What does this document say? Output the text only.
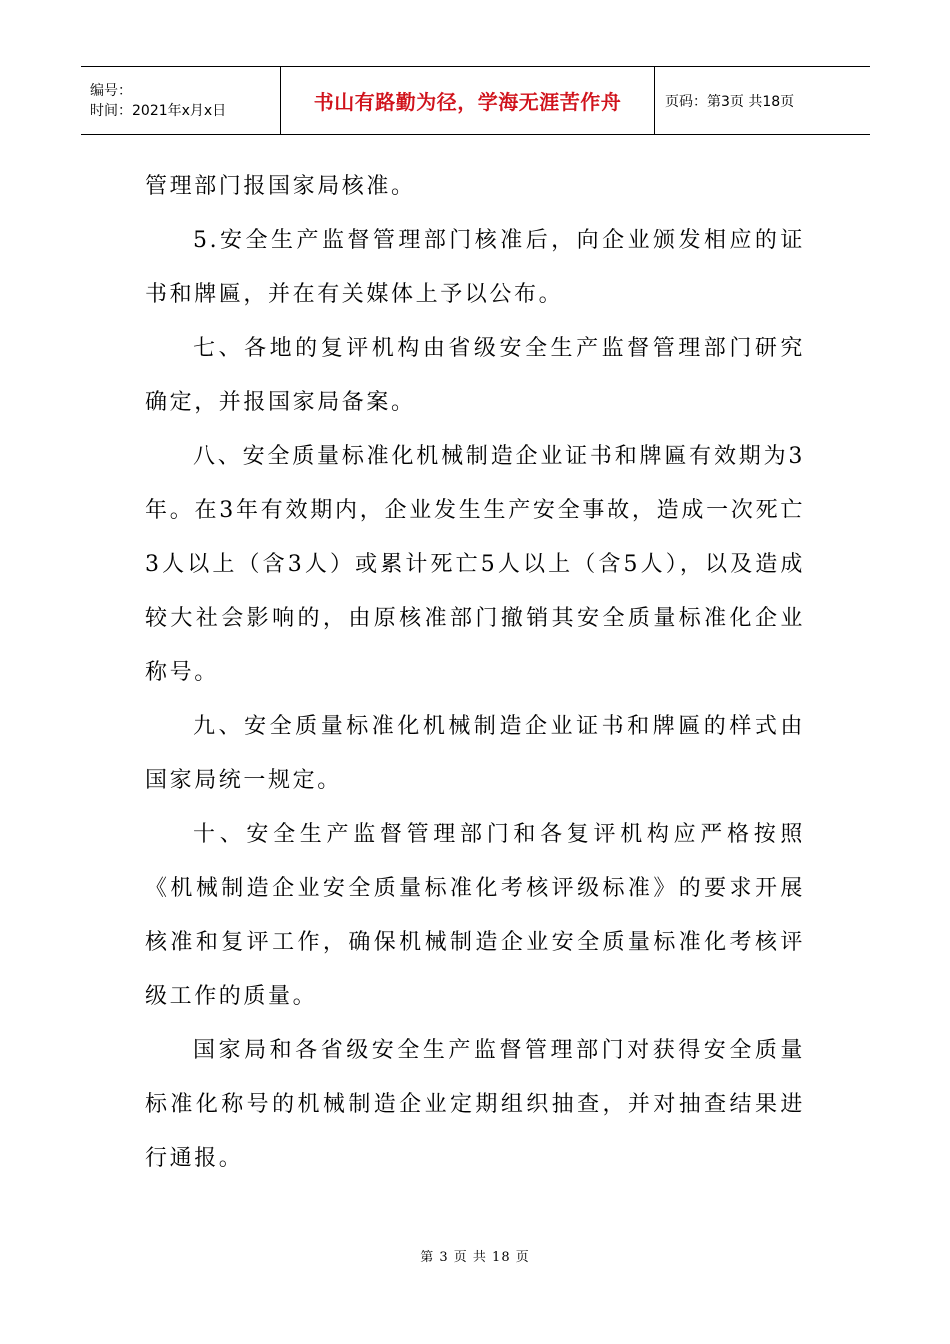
编号：
时间：2021年x月x日	书山有路勤为径，学海无涯苦作舟	页码：第3页 共18页

管理部门报国家局核准。

5.安全生产监督管理部门核准后，向企业颁发相应的证书和牌匾，并在有关媒体上予以公布。

七、各地的复评机构由省级安全生产监督管理部门研究确定，并报国家局备案。

八、安全质量标准化机械制造企业证书和牌匾有效期为3年。在3年有效期内，企业发生生产安全事故，造成一次死亡3人以上（含3人）或累计死亡5人以上（含5人），以及造成较大社会影响的，由原核准部门撤销其安全质量标准化企业称号。

九、安全质量标准化机械制造企业证书和牌匾的样式由国家局统一规定。

十、安全生产监督管理部门和各复评机构应严格按照《机械制造企业安全质量标准化考核评级标准》的要求开展核准和复评工作，确保机械制造企业安全质量标准化考核评级工作的质量。

国家局和各省级安全生产监督管理部门对获得安全质量标准化称号的机械制造企业定期组织抽查，并对抽查结果进行通报。

第 3 页 共 18 页
